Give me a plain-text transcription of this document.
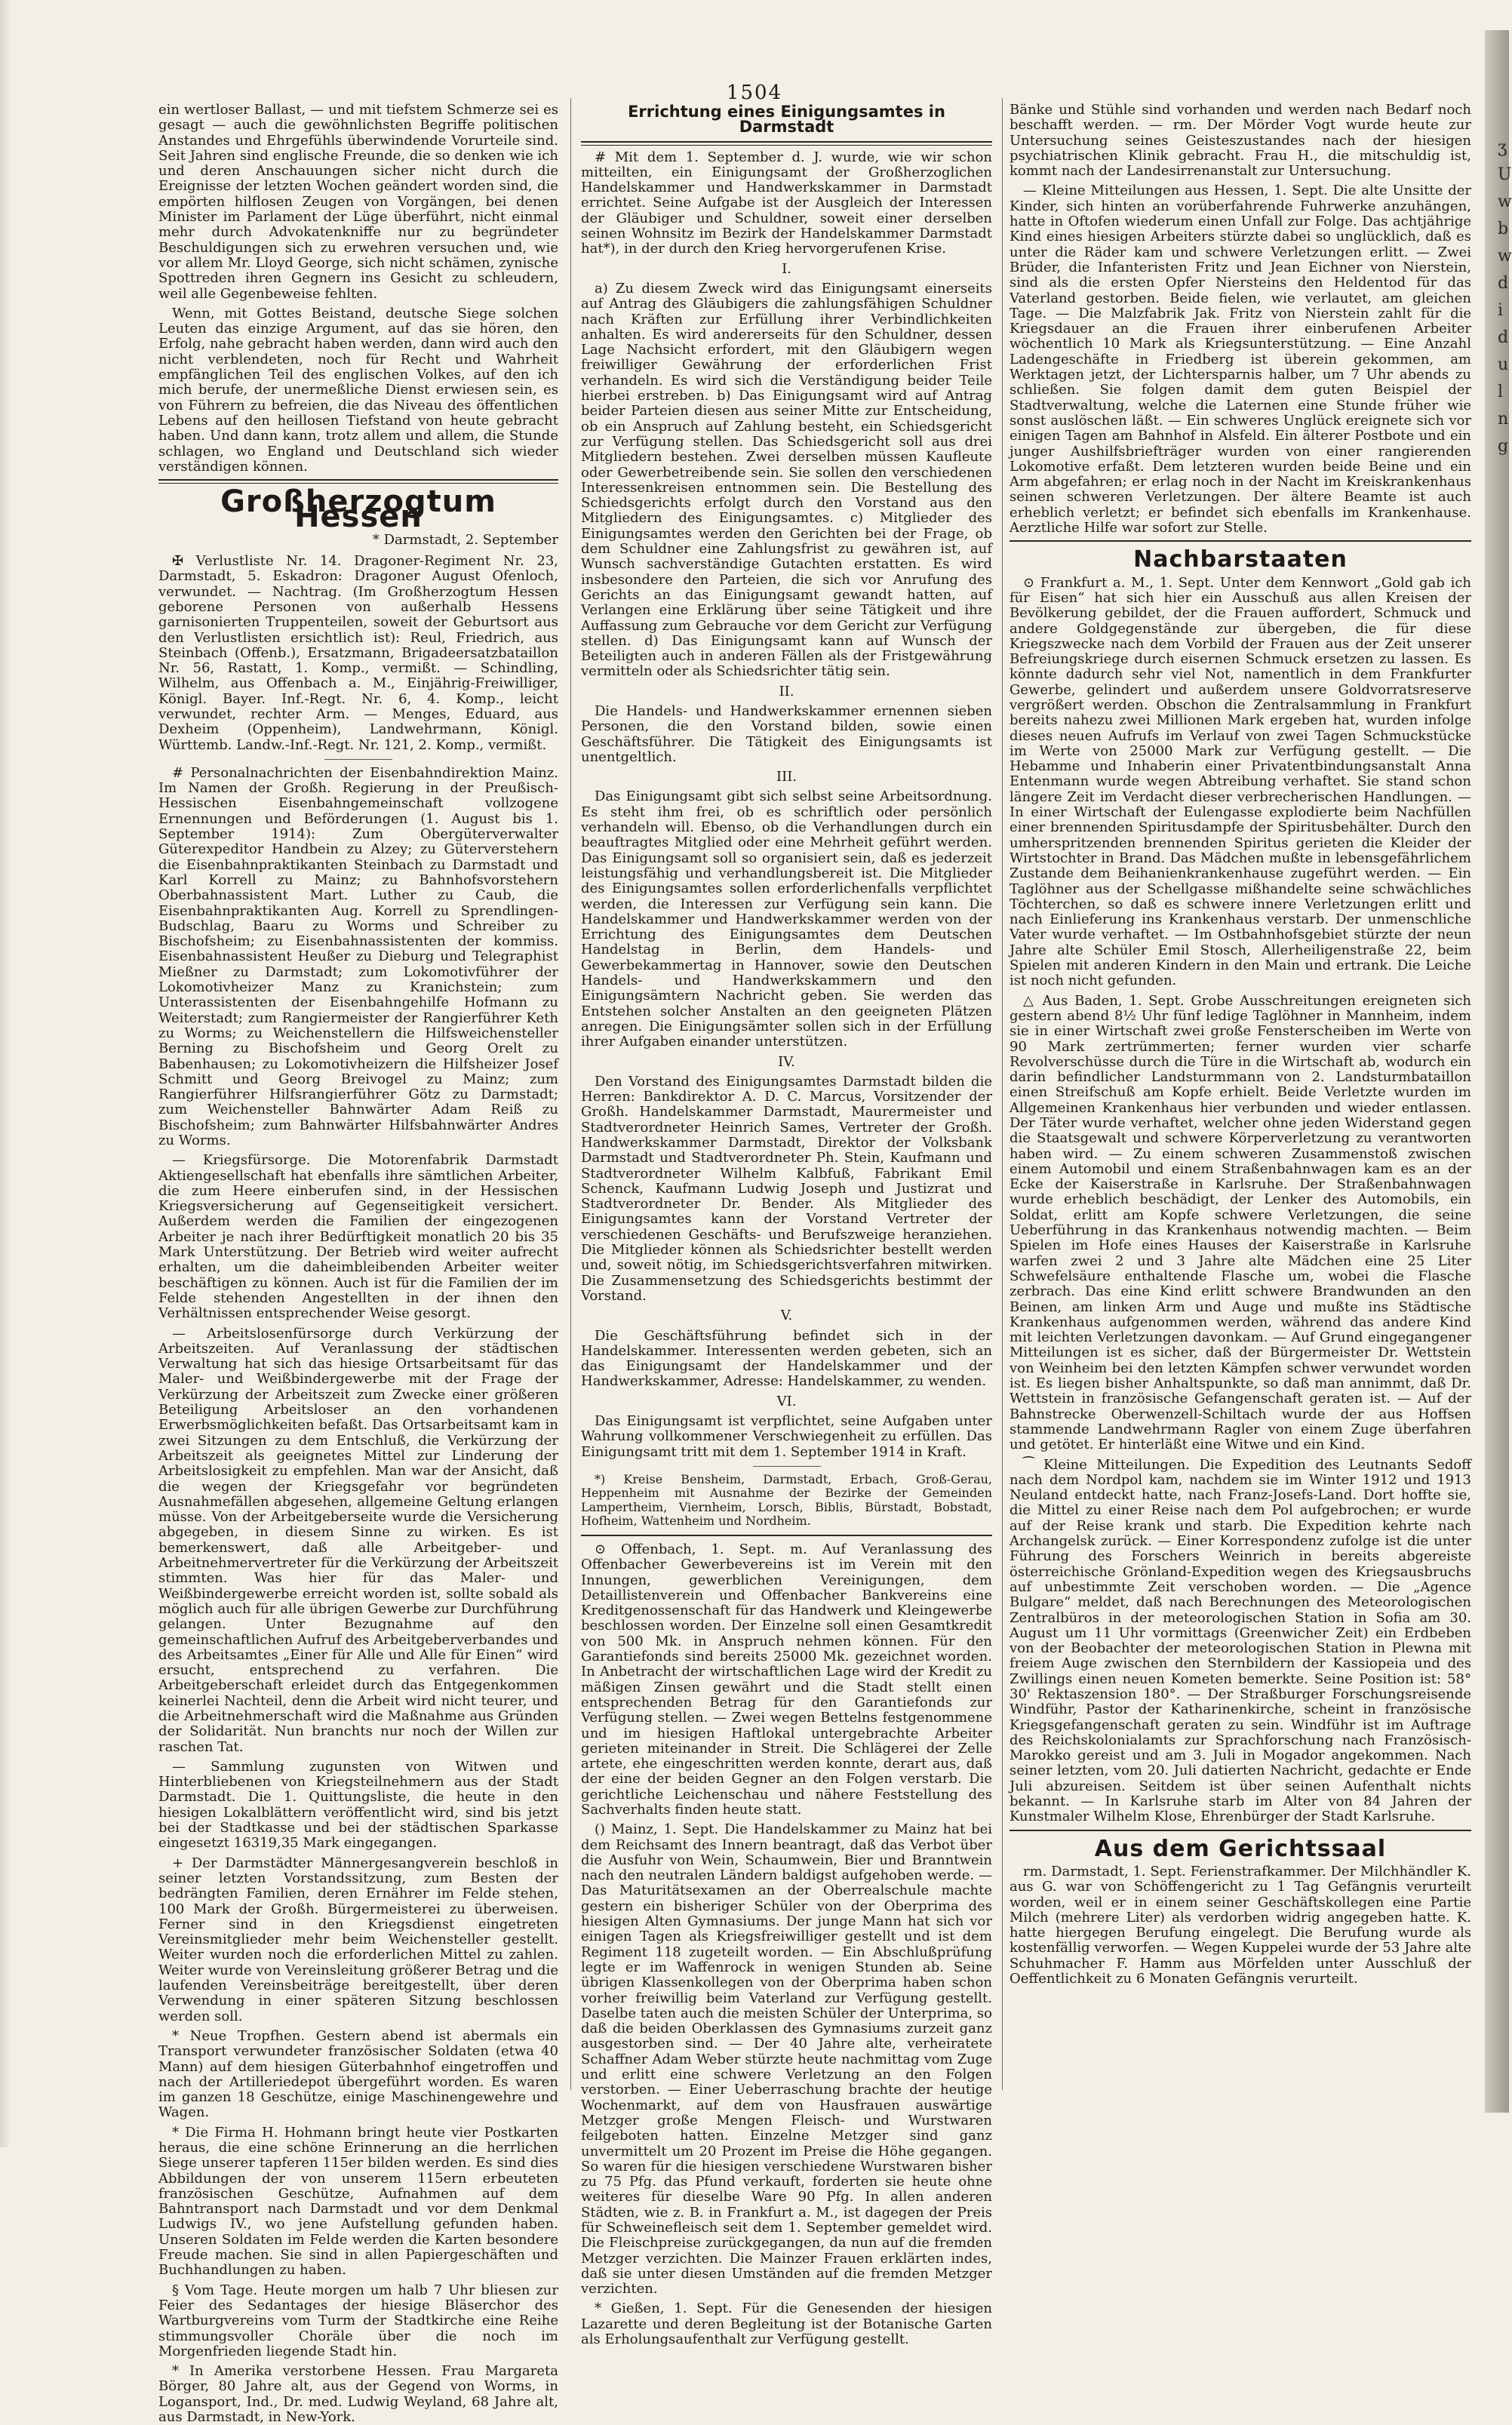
ʒ
U
w
b
w
d
i
d
u
l
n
g
1504

ein wertloser Ballast, — und mit tiefstem Schmerze sei es gesagt — auch die gewöhnlichsten Begriffe politischen Anstandes und Ehrgefühls überwindende Vorurteile sind. Seit Jahren sind englische Freunde, die so denken wie ich und deren Anschauungen sicher nicht durch die Ereignisse der letzten Wochen geändert worden sind, die empörten hilflosen Zeugen von Vorgängen, bei denen Minister im Parlament der Lüge überführt, nicht einmal mehr durch Advokatenkniffe nur zu begründeter Beschuldigungen sich zu erwehren versuchen und, wie vor allem Mr. Lloyd George, sich nicht schämen, zynische Spottreden ihren Gegnern ins Gesicht zu schleudern, weil alle Gegenbeweise fehlten.

Wenn, mit Gottes Beistand, deutsche Siege solchen Leuten das einzige Argument, auf das sie hören, den Erfolg, nahe gebracht haben werden, dann wird auch den nicht verblendeten, noch für Recht und Wahrheit empfänglichen Teil des englischen Volkes, auf den ich mich berufe, der unermeßliche Dienst erwiesen sein, es von Führern zu befreien, die das Niveau des öffentlichen Lebens auf den heillosen Tiefstand von heute gebracht haben. Und dann kann, trotz allem und allem, die Stunde schlagen, wo England und Deutschland sich wieder verständigen können.

Großherzogtum Hessen
* Darmstadt, 2. September

✠ Verlustliste Nr. 14. Dragoner-Regiment Nr. 23, Darmstadt, 5. Eskadron: Dragoner August Ofenloch, verwundet. — Nachtrag. (Im Großherzogtum Hessen geborene Personen von außerhalb Hessens garnisonierten Truppenteilen, soweit der Geburtsort aus den Verlustlisten ersichtlich ist): Reul, Friedrich, aus Steinbach (Offenb.), Ersatzmann, Brigadeersatzbataillon Nr. 56, Rastatt, 1. Komp., vermißt. — Schindling, Wilhelm, aus Offenbach a. M., Einjährig-Freiwilliger, Königl. Bayer. Inf.-Regt. Nr. 6, 4. Komp., leicht verwundet, rechter Arm. — Menges, Eduard, aus Dexheim (Oppenheim), Landwehrmann, Königl. Württemb. Landw.-Inf.-Regt. Nr. 121, 2. Komp., vermißt.

# Personalnachrichten der Eisenbahndirektion Mainz. Im Namen der Großh. Regierung in der Preußisch-Hessischen Eisenbahngemeinschaft vollzogene Ernennungen und Beförderungen (1. August bis 1. September 1914): Zum Obergüterverwalter Güterexpeditor Handbein zu Alzey; zu Güterverstehern die Eisenbahnpraktikanten Steinbach zu Darmstadt und Karl Korrell zu Mainz; zu Bahnhofsvorstehern Oberbahnassistent Mart. Luther zu Caub, die Eisenbahnpraktikanten Aug. Korrell zu Sprendlingen-Budschlag, Baaru zu Worms und Schreiber zu Bischofsheim; zu Eisenbahnassistenten der kommiss. Eisenbahnassistent Heußer zu Dieburg und Telegraphist Mießner zu Darmstadt; zum Lokomotivführer der Lokomotivheizer Manz zu Kranichstein; zum Unterassistenten der Eisenbahngehilfe Hofmann zu Weiterstadt; zum Rangiermeister der Rangierführer Keth zu Worms; zu Weichenstellern die Hilfsweichensteller Berning zu Bischofsheim und Georg Orelt zu Babenhausen; zu Lokomotivheizern die Hilfsheizer Josef Schmitt und Georg Breivogel zu Mainz; zum Rangierführer Hilfsrangierführer Götz zu Darmstadt; zum Weichensteller Bahnwärter Adam Reiß zu Bischofsheim; zum Bahnwärter Hilfsbahnwärter Andres zu Worms.

— Kriegsfürsorge. Die Motorenfabrik Darmstadt Aktiengesellschaft hat ebenfalls ihre sämtlichen Arbeiter, die zum Heere einberufen sind, in der Hessischen Kriegsversicherung auf Gegenseitigkeit versichert. Außerdem werden die Familien der eingezogenen Arbeiter je nach ihrer Bedürftigkeit monatlich 20 bis 35 Mark Unterstützung. Der Betrieb wird weiter aufrecht erhalten, um die daheimbleibenden Arbeiter weiter beschäftigen zu können. Auch ist für die Familien der im Felde stehenden Angestellten in der ihnen den Verhältnissen entsprechender Weise gesorgt.

— Arbeitslosenfürsorge durch Verkürzung der Arbeitszeiten. Auf Veranlassung der städtischen Verwaltung hat sich das hiesige Ortsarbeitsamt für das Maler- und Weißbindergewerbe mit der Frage der Verkürzung der Arbeitszeit zum Zwecke einer größeren Beteiligung Arbeitsloser an den vorhandenen Erwerbsmöglichkeiten befaßt. Das Ortsarbeitsamt kam in zwei Sitzungen zu dem Entschluß, die Verkürzung der Arbeitszeit als geeignetes Mittel zur Linderung der Arbeitslosigkeit zu empfehlen. Man war der Ansicht, daß die wegen der Kriegsgefahr vor begründeten Ausnahmefällen abgesehen, allgemeine Geltung erlangen müsse. Von der Arbeitgeberseite wurde die Versicherung abgegeben, in diesem Sinne zu wirken. Es ist bemerkenswert, daß alle Arbeitgeber- und Arbeitnehmervertreter für die Verkürzung der Arbeitszeit stimmten. Was hier für das Maler- und Weißbindergewerbe erreicht worden ist, sollte sobald als möglich auch für alle übrigen Gewerbe zur Durchführung gelangen. Unter Bezugnahme auf den gemeinschaftlichen Aufruf des Arbeitgeberverbandes und des Arbeitsamtes „Einer für Alle und Alle für Einen“ wird ersucht, entsprechend zu verfahren. Die Arbeitgeberschaft erleidet durch das Entgegenkommen keinerlei Nachteil, denn die Arbeit wird nicht teurer, und die Arbeitnehmerschaft wird die Maßnahme aus Gründen der Solidarität. Nun branchts nur noch der Willen zur raschen Tat.

— Sammlung zugunsten von Witwen und Hinterbliebenen von Kriegsteilnehmern aus der Stadt Darmstadt. Die 1. Quittungsliste, die heute in den hiesigen Lokalblättern veröffentlicht wird, sind bis jetzt bei der Stadtkasse und bei der städtischen Sparkasse eingesetzt 16319,35 Mark eingegangen.

+ Der Darmstädter Männergesangverein beschloß in seiner letzten Vorstandssitzung, zum Besten der bedrängten Familien, deren Ernährer im Felde stehen, 100 Mark der Großh. Bürgermeisterei zu überweisen. Ferner sind in den Kriegsdienst eingetreten Vereinsmitglieder mehr beim Weichensteller gestellt. Weiter wurden noch die erforderlichen Mittel zu zahlen. Weiter wurde von Vereinsleitung größerer Betrag und die laufenden Vereinsbeiträge bereitgestellt, über deren Verwendung in einer späteren Sitzung beschlossen werden soll.

* Neue Tropfhen. Gestern abend ist abermals ein Transport verwundeter französischer Soldaten (etwa 40 Mann) auf dem hiesigen Güterbahnhof eingetroffen und nach der Artilleriedepot übergeführt worden. Es waren im ganzen 18 Geschütze, einige Maschinengewehre und Wagen.

* Die Firma H. Hohmann bringt heute vier Postkarten heraus, die eine schöne Erinnerung an die herrlichen Siege unserer tapferen 115er bilden werden. Es sind dies Abbildungen der von unserem 115ern erbeuteten französischen Geschütze, Aufnahmen auf dem Bahntransport nach Darmstadt und vor dem Denkmal Ludwigs IV., wo jene Aufstellung gefunden haben. Unseren Soldaten im Felde werden die Karten besondere Freude machen. Sie sind in allen Papiergeschäften und Buchhandlungen zu haben.

§ Vom Tage. Heute morgen um halb 7 Uhr bliesen zur Feier des Sedantages der hiesige Bläserchor des Wartburgvereins vom Turm der Stadtkirche eine Reihe stimmungsvoller Choräle über die noch im Morgenfrieden liegende Stadt hin.

* In Amerika verstorbene Hessen. Frau Margareta Börger, 80 Jahre alt, aus der Gegend von Worms, in Logansport, Ind., Dr. med. Ludwig Weyland, 68 Jahre alt, aus Darmstadt, in New-York.

Errichtung eines Einigungsamtes in Darmstadt

# Mit dem 1. September d. J. wurde, wie wir schon mitteilten, ein Einigungsamt der Großherzoglichen Handelskammer und Handwerkskammer in Darmstadt errichtet. Seine Aufgabe ist der Ausgleich der Interessen der Gläubiger und Schuldner, soweit einer derselben seinen Wohnsitz im Bezirk der Handelskammer Darmstadt hat*), in der durch den Krieg hervorgerufenen Krise.

I.

a) Zu diesem Zweck wird das Einigungsamt einerseits auf Antrag des Gläubigers die zahlungsfähigen Schuldner nach Kräften zur Erfüllung ihrer Verbindlichkeiten anhalten. Es wird andererseits für den Schuldner, dessen Lage Nachsicht erfordert, mit den Gläubigern wegen freiwilliger Gewährung der erforderlichen Frist verhandeln. Es wird sich die Verständigung beider Teile hierbei erstreben. b) Das Einigungsamt wird auf Antrag beider Parteien diesen aus seiner Mitte zur Entscheidung, ob ein Anspruch auf Zahlung besteht, ein Schiedsgericht zur Verfügung stellen. Das Schiedsgericht soll aus drei Mitgliedern bestehen. Zwei derselben müssen Kaufleute oder Gewerbetreibende sein. Sie sollen den verschiedenen Interessenkreisen entnommen sein. Die Bestellung des Schiedsgerichts erfolgt durch den Vorstand aus den Mitgliedern des Einigungsamtes. c) Mitglieder des Einigungsamtes werden den Gerichten bei der Frage, ob dem Schuldner eine Zahlungsfrist zu gewähren ist, auf Wunsch sachverständige Gutachten erstatten. Es wird insbesondere den Parteien, die sich vor Anrufung des Gerichts an das Einigungsamt gewandt hatten, auf Verlangen eine Erklärung über seine Tätigkeit und ihre Auffassung zum Gebrauche vor dem Gericht zur Verfügung stellen. d) Das Einigungsamt kann auf Wunsch der Beteiligten auch in anderen Fällen als der Fristgewährung vermitteln oder als Schiedsrichter tätig sein.

II.

Die Handels- und Handwerkskammer ernennen sieben Personen, die den Vorstand bilden, sowie einen Geschäftsführer. Die Tätigkeit des Einigungsamts ist unentgeltlich.

III.

Das Einigungsamt gibt sich selbst seine Arbeitsordnung. Es steht ihm frei, ob es schriftlich oder persönlich verhandeln will. Ebenso, ob die Verhandlungen durch ein beauftragtes Mitglied oder eine Mehrheit geführt werden. Das Einigungsamt soll so organisiert sein, daß es jederzeit leistungsfähig und verhandlungsbereit ist. Die Mitglieder des Einigungsamtes sollen erforderlichenfalls verpflichtet werden, die Interessen zur Verfügung sein kann. Die Handelskammer und Handwerkskammer werden von der Errichtung des Einigungsamtes dem Deutschen Handelstag in Berlin, dem Handels- und Gewerbekammertag in Hannover, sowie den Deutschen Handels- und Handwerkskammern und den Einigungsämtern Nachricht geben. Sie werden das Entstehen solcher Anstalten an den geeigneten Plätzen anregen. Die Einigungsämter sollen sich in der Erfüllung ihrer Aufgaben einander unterstützen.

IV.

Den Vorstand des Einigungsamtes Darmstadt bilden die Herren: Bankdirektor A. D. C. Marcus, Vorsitzender der Großh. Handelskammer Darmstadt, Maurermeister und Stadtverordneter Heinrich Sames, Vertreter der Großh. Handwerkskammer Darmstadt, Direktor der Volksbank Darmstadt und Stadtverordneter Ph. Stein, Kaufmann und Stadtverordneter Wilhelm Kalbfuß, Fabrikant Emil Schenck, Kaufmann Ludwig Joseph und Justizrat und Stadtverordneter Dr. Bender. Als Mitglieder des Einigungsamtes kann der Vorstand Vertreter der verschiedenen Geschäfts- und Berufszweige heranziehen. Die Mitglieder können als Schiedsrichter bestellt werden und, soweit nötig, im Schiedsgerichtsverfahren mitwirken. Die Zusammensetzung des Schiedsgerichts bestimmt der Vorstand.

V.

Die Geschäftsführung befindet sich in der Handelskammer. Interessenten werden gebeten, sich an das Einigungsamt der Handelskammer und der Handwerkskammer, Adresse: Handelskammer, zu wenden.

VI.

Das Einigungsamt ist verpflichtet, seine Aufgaben unter Wahrung vollkommener Verschwiegenheit zu erfüllen. Das Einigungsamt tritt mit dem 1. September 1914 in Kraft.

*) Kreise Bensheim, Darmstadt, Erbach, Groß-Gerau, Heppenheim mit Ausnahme der Bezirke der Gemeinden Lampertheim, Viernheim, Lorsch, Biblis, Bürstadt, Bobstadt, Hofheim, Wattenheim und Nordheim.

⊙ Offenbach, 1. Sept. m. Auf Veranlassung des Offenbacher Gewerbevereins ist im Verein mit den Innungen, gewerblichen Vereinigungen, dem Detaillistenverein und Offenbacher Bankvereins eine Kreditgenossenschaft für das Handwerk und Kleingewerbe beschlossen worden. Der Einzelne soll einen Gesamtkredit von 500 Mk. in Anspruch nehmen können. Für den Garantiefonds sind bereits 25000 Mk. gezeichnet worden. In Anbetracht der wirtschaftlichen Lage wird der Kredit zu mäßigen Zinsen gewährt und die Stadt stellt einen entsprechenden Betrag für den Garantiefonds zur Verfügung stellen. — Zwei wegen Bettelns festgenommene und im hiesigen Haftlokal untergebrachte Arbeiter gerieten miteinander in Streit. Die Schlägerei der Zelle artete, ehe eingeschritten werden konnte, derart aus, daß der eine der beiden Gegner an den Folgen verstarb. Die gerichtliche Leichenschau und nähere Feststellung des Sachverhalts finden heute statt.

() Mainz, 1. Sept. Die Handelskammer zu Mainz hat bei dem Reichsamt des Innern beantragt, daß das Verbot über die Ausfuhr von Wein, Schaumwein, Bier und Branntwein nach den neutralen Ländern baldigst aufgehoben werde. — Das Maturitätsexamen an der Oberrealschule machte gestern ein bisheriger Schüler von der Oberprima des hiesigen Alten Gymnasiums. Der junge Mann hat sich vor einigen Tagen als Kriegsfreiwilliger gestellt und ist dem Regiment 118 zugeteilt worden. — Ein Abschlußprüfung legte er im Waffenrock in wenigen Stunden ab. Seine übrigen Klassenkollegen von der Oberprima haben schon vorher freiwillig beim Vaterland zur Verfügung gestellt. Daselbe taten auch die meisten Schüler der Unterprima, so daß die beiden Oberklassen des Gymnasiums zurzeit ganz ausgestorben sind. — Der 40 Jahre alte, verheiratete Schaffner Adam Weber stürzte heute nachmittag vom Zuge und erlitt eine schwere Verletzung an den Folgen verstorben. — Einer Ueberraschung brachte der heutige Wochenmarkt, auf dem von Hausfrauen auswärtige Metzger große Mengen Fleisch- und Wurstwaren feilgeboten hatten. Einzelne Metzger sind ganz unvermittelt um 20 Prozent im Preise die Höhe gegangen. So waren für die hiesigen verschiedene Wurstwaren bisher zu 75 Pfg. das Pfund verkauft, forderten sie heute ohne weiteres für dieselbe Ware 90 Pfg. In allen anderen Städten, wie z. B. in Frankfurt a. M., ist dagegen der Preis für Schweinefleisch seit dem 1. September gemeldet wird. Die Fleischpreise zurückgegangen, da nun auf die fremden Metzger verzichten. Die Mainzer Frauen erklärten indes, daß sie unter diesen Umständen auf die fremden Metzger verzichten.

* Gießen, 1. Sept. Für die Genesenden der hiesigen Lazarette und deren Begleitung ist der Botanische Garten als Erholungsaufenthalt zur Verfügung gestellt.

Bänke und Stühle sind vorhanden und werden nach Bedarf noch beschafft werden. — rm. Der Mörder Vogt wurde heute zur Untersuchung seines Geisteszustandes nach der hiesigen psychiatrischen Klinik gebracht. Frau H., die mitschuldig ist, kommt nach der Landesirrenanstalt zur Untersuchung.

— Kleine Mitteilungen aus Hessen, 1. Sept. Die alte Unsitte der Kinder, sich hinten an vorüberfahrende Fuhrwerke anzuhängen, hatte in Oftofen wiederum einen Unfall zur Folge. Das achtjährige Kind eines hiesigen Arbeiters stürzte dabei so unglücklich, daß es unter die Räder kam und schwere Verletzungen erlitt. — Zwei Brüder, die Infanteristen Fritz und Jean Eichner von Nierstein, sind als die ersten Opfer Niersteins den Heldentod für das Vaterland gestorben. Beide fielen, wie verlautet, am gleichen Tage. — Die Malzfabrik Jak. Fritz von Nierstein zahlt für die Kriegsdauer an die Frauen ihrer einberufenen Arbeiter wöchentlich 10 Mark als Kriegsunterstützung. — Eine Anzahl Ladengeschäfte in Friedberg ist überein gekommen, am Werktagen jetzt, der Lichtersparnis halber, um 7 Uhr abends zu schließen. Sie folgen damit dem guten Beispiel der Stadtverwaltung, welche die Laternen eine Stunde früher wie sonst auslöschen läßt. — Ein schweres Unglück ereignete sich vor einigen Tagen am Bahnhof in Alsfeld. Ein älterer Postbote und ein junger Aushilfsbriefträger wurden von einer rangierenden Lokomotive erfaßt. Dem letzteren wurden beide Beine und ein Arm abgefahren; er erlag noch in der Nacht im Kreiskrankenhaus seinen schweren Verletzungen. Der ältere Beamte ist auch erheblich verletzt; er befindet sich ebenfalls im Krankenhause. Aerztliche Hilfe war sofort zur Stelle.

Nachbarstaaten

⊙ Frankfurt a. M., 1. Sept. Unter dem Kennwort „Gold gab ich für Eisen“ hat sich hier ein Ausschuß aus allen Kreisen der Bevölkerung gebildet, der die Frauen auffordert, Schmuck und andere Goldgegenstände zur übergeben, die für diese Kriegszwecke nach dem Vorbild der Frauen aus der Zeit unserer Befreiungskriege durch eisernen Schmuck ersetzen zu lassen. Es könnte dadurch sehr viel Not, namentlich in dem Frankfurter Gewerbe, gelindert und außerdem unsere Goldvorratsreserve vergrößert werden. Obschon die Zentralsammlung in Frankfurt bereits nahezu zwei Millionen Mark ergeben hat, wurden infolge dieses neuen Aufrufs im Verlauf von zwei Tagen Schmuckstücke im Werte von 25000 Mark zur Verfügung gestellt. — Die Hebamme und Inhaberin einer Privatentbindungsanstalt Anna Entenmann wurde wegen Abtreibung verhaftet. Sie stand schon längere Zeit im Verdacht dieser verbrecherischen Handlungen. — In einer Wirtschaft der Eulengasse explodierte beim Nachfüllen einer brennenden Spiritusdampfe der Spiritusbehälter. Durch den umherspritzenden brennenden Spiritus gerieten die Kleider der Wirtstochter in Brand. Das Mädchen mußte in lebensgefährlichem Zustande dem Beihanienkrankenhause zugeführt werden. — Ein Taglöhner aus der Schellgasse mißhandelte seine schwächliches Töchterchen, so daß es schwere innere Verletzungen erlitt und nach Einlieferung ins Krankenhaus verstarb. Der unmenschliche Vater wurde verhaftet. — Im Ostbahnhofsgebiet stürzte der neun Jahre alte Schüler Emil Stosch, Allerheiligenstraße 22, beim Spielen mit anderen Kindern in den Main und ertrank. Die Leiche ist noch nicht gefunden.

△ Aus Baden, 1. Sept. Grobe Ausschreitungen ereigneten sich gestern abend 8½ Uhr fünf ledige Taglöhner in Mannheim, indem sie in einer Wirtschaft zwei große Fensterscheiben im Werte von 90 Mark zertrümmerten; ferner wurden vier scharfe Revolverschüsse durch die Türe in die Wirtschaft ab, wodurch ein darin befindlicher Landsturmmann von 2. Landsturmbataillon einen Streifschuß am Kopfe erhielt. Beide Verletzte wurden im Allgemeinen Krankenhaus hier verbunden und wieder entlassen. Der Täter wurde verhaftet, welcher ohne jeden Widerstand gegen die Staatsgewalt und schwere Körperverletzung zu verantworten haben wird. — Zu einem schweren Zusammenstoß zwischen einem Automobil und einem Straßenbahnwagen kam es an der Ecke der Kaiserstraße in Karlsruhe. Der Straßenbahnwagen wurde erheblich beschädigt, der Lenker des Automobils, ein Soldat, erlitt am Kopfe schwere Verletzungen, die seine Ueberführung in das Krankenhaus notwendig machten. — Beim Spielen im Hofe eines Hauses der Kaiserstraße in Karlsruhe warfen zwei 2 und 3 Jahre alte Mädchen eine 25 Liter Schwefelsäure enthaltende Flasche um, wobei die Flasche zerbrach. Das eine Kind erlitt schwere Brandwunden an den Beinen, am linken Arm und Auge und mußte ins Städtische Krankenhaus aufgenommen werden, während das andere Kind mit leichten Verletzungen davonkam. — Auf Grund eingegangener Mitteilungen ist es sicher, daß der Bürgermeister Dr. Wettstein von Weinheim bei den letzten Kämpfen schwer verwundet worden ist. Es liegen bisher Anhaltspunkte, so daß man annimmt, daß Dr. Wettstein in französische Gefangenschaft geraten ist. — Auf der Bahnstrecke Oberwenzell-Schiltach wurde der aus Hoffsen stammende Landwehrmann Ragler von einem Zuge überfahren und getötet. Er hinterläßt eine Witwe und ein Kind.

⁀ Kleine Mitteilungen. Die Expedition des Leutnants Sedoff nach dem Nordpol kam, nachdem sie im Winter 1912 und 1913 Neuland entdeckt hatte, nach Franz-Josefs-Land. Dort hoffte sie, die Mittel zu einer Reise nach dem Pol aufgebrochen; er wurde auf der Reise krank und starb. Die Expedition kehrte nach Archangelsk zurück. — Einer Korrespondenz zufolge ist die unter Führung des Forschers Weinrich in bereits abgereiste österreichische Grönland-Expedition wegen des Kriegsausbruchs auf unbestimmte Zeit verschoben worden. — Die „Agence Bulgare“ meldet, daß nach Berechnungen des Meteorologischen Zentralbüros in der meteorologischen Station in Sofia am 30. August um 11 Uhr vormittags (Greenwicher Zeit) ein Erdbeben von der Beobachter der meteorologischen Station in Plewna mit freiem Auge zwischen den Sternbildern der Kassiopeia und des Zwillings einen neuen Kometen bemerkte. Seine Position ist: 58° 30' Rektaszension 180°. — Der Straßburger Forschungsreisende Windführ, Pastor der Katharinenkirche, scheint in französische Kriegsgefangenschaft geraten zu sein. Windführ ist im Auftrage des Reichskolonialamts zur Sprachforschung nach Französisch-Marokko gereist und am 3. Juli in Mogador angekommen. Nach seiner letzten, vom 20. Juli datierten Nachricht, gedachte er Ende Juli abzureisen. Seitdem ist über seinen Aufenthalt nichts bekannt. — In Karlsruhe starb im Alter von 84 Jahren der Kunstmaler Wilhelm Klose, Ehrenbürger der Stadt Karlsruhe.

Aus dem Gerichtssaal

rm. Darmstadt, 1. Sept. Ferienstrafkammer. Der Milchhändler K. aus G. war von Schöffengericht zu 1 Tag Gefängnis verurteilt worden, weil er in einem seiner Geschäftskollegen eine Partie Milch (mehrere Liter) als verdorben widrig angegeben hatte. K. hatte hiergegen Berufung eingelegt. Die Berufung wurde als kostenfällig verworfen. — Wegen Kuppelei wurde der 53 Jahre alte Schuhmacher F. Hamm aus Mörfelden unter Ausschluß der Oeffentlichkeit zu 6 Monaten Gefängnis verurteilt.
